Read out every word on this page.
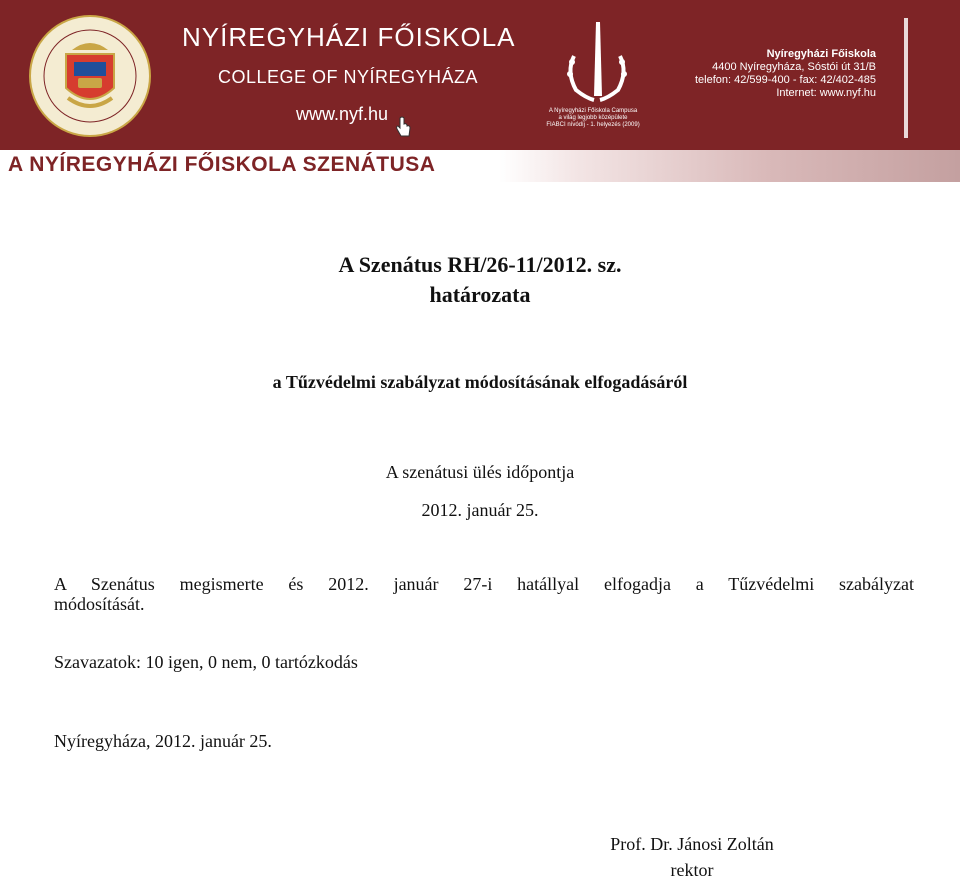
NYÍREGYHÁZI FŐISKOLA
COLLEGE OF NYÍREGYHÁZA
www.nyf.hu	A Nyíregyházi Főiskola Campusa
a világ legjobb középülete
FIABCI nívódíj - 1. helyezés (2009)
Nyíregyházi Főiskola
4400 Nyíregyháza, Sóstói út 31/B
telefon: 42/599-400 - fax: 42/402-485
Internet: www.nyf.hu
A NYÍREGYHÁZI FŐISKOLA SZENÁTUSA
A Szenátus RH/26-11/2012. sz.
határozata
a Tűzvédelmi szabályzat módosításának elfogadásáról
A szenátusi ülés időpontja
2012. január 25.
A Szenátus megismerte és 2012. január 27-i hatállyal elfogadja a Tűzvédelmi szabályzat
módosítását.
Szavazatok: 10 igen, 0 nem, 0 tartózkodás
Nyíregyháza, 2012. január 25.
Prof. Dr. Jánosi Zoltán
rektor
